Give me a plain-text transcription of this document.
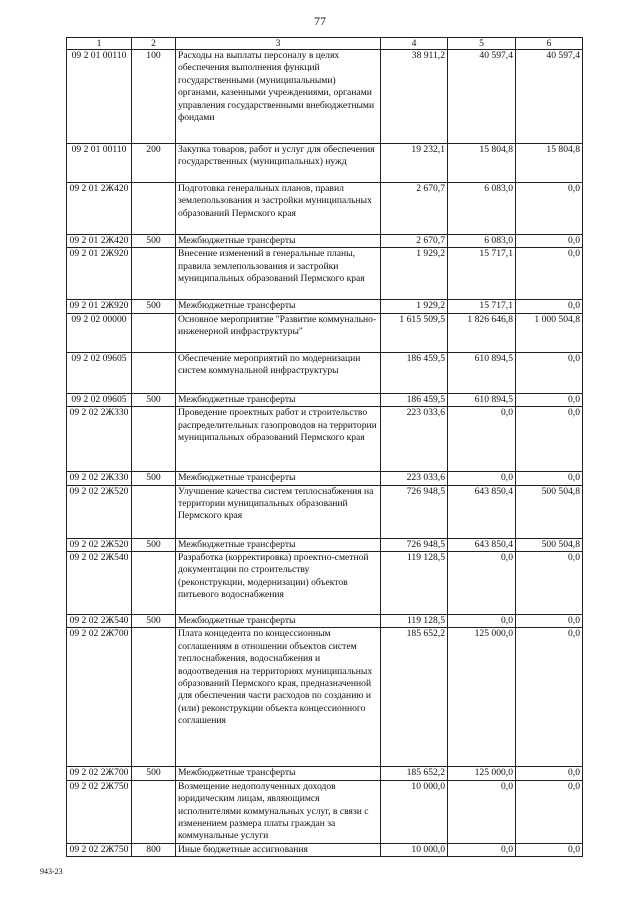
77
1	2	3	4	5	6
09 2 01 00110	100	Расходы на выплаты персоналу в целях обеспечения выполнения функций государственными (муниципальными) органами, казенными учреждениями, органами управления государственными внебюджетными фондами	38 911,2	40 597,4	40 597,4
09 2 01 00110	200	Закупка товаров, работ и услуг для обеспечения государственных (муниципальных) нужд	19 232,1	15 804,8	15 804,8
09 2 01 2Ж420		Подготовка генеральных планов, правил землепользования и застройки муниципальных образований Пермского края	2 670,7	6 083,0	0,0
09 2 01 2Ж420	500	Межбюджетные трансферты	2 670,7	6 083,0	0,0
09 2 01 2Ж920		Внесение изменений в генеральные планы, правила землепользования и застройки муниципальных образований Пермского края	1 929,2	15 717,1	0,0
09 2 01 2Ж920	500	Межбюджетные трансферты	1 929,2	15 717,1	0,0
09 2 02 00000		Основное мероприятие "Развитие коммунально-инженерной инфраструктуры"	1 615 509,5	1 826 646,8	1 000 504,8
09 2 02 09605		Обеспечение мероприятий по модернизации систем коммунальной инфраструктуры	186 459,5	610 894,5	0,0
09 2 02 09605	500	Межбюджетные трансферты	186 459,5	610 894,5	0,0
09 2 02 2Ж330		Проведение проектных работ и строительство распределительных газопроводов на территории муниципальных образований Пермского края	223 033,6	0,0	0,0
09 2 02 2Ж330	500	Межбюджетные трансферты	223 033,6	0,0	0,0
09 2 02 2Ж520		Улучшение качества систем теплоснабжения на территории муниципальных образований Пермского края	726 948,5	643 850,4	500 504,8
09 2 02 2Ж520	500	Межбюджетные трансферты	726 948,5	643 850,4	500 504,8
09 2 02 2Ж540		Разработка (корректировка) проектно-сметной документации по строительству (реконструкции, модернизации) объектов питьевого водоснабжения	119 128,5	0,0	0,0
09 2 02 2Ж540	500	Межбюджетные трансферты	119 128,5	0,0	0,0
09 2 02 2Ж700		Плата концедента по концессионным соглашениям в отношении объектов систем теплоснабжения, водоснабжения и водоотведения на территориях муниципальных образований Пермского края, предназначенной для обеспечения части расходов по созданию и (или) реконструкции объекта концессионного соглашения	185 652,2	125 000,0	0,0
09 2 02 2Ж700	500	Межбюджетные трансферты	185 652,2	125 000,0	0,0
09 2 02 2Ж750		Возмещение недополученных доходов юридическим лицам, являющимся исполнителями коммунальных услуг, в связи с изменением размера платы граждан за коммунальные услуги	10 000,0	0,0	0,0
09 2 02 2Ж750	800	Иные бюджетные ассигнования	10 000,0	0,0	0,0
943-23
